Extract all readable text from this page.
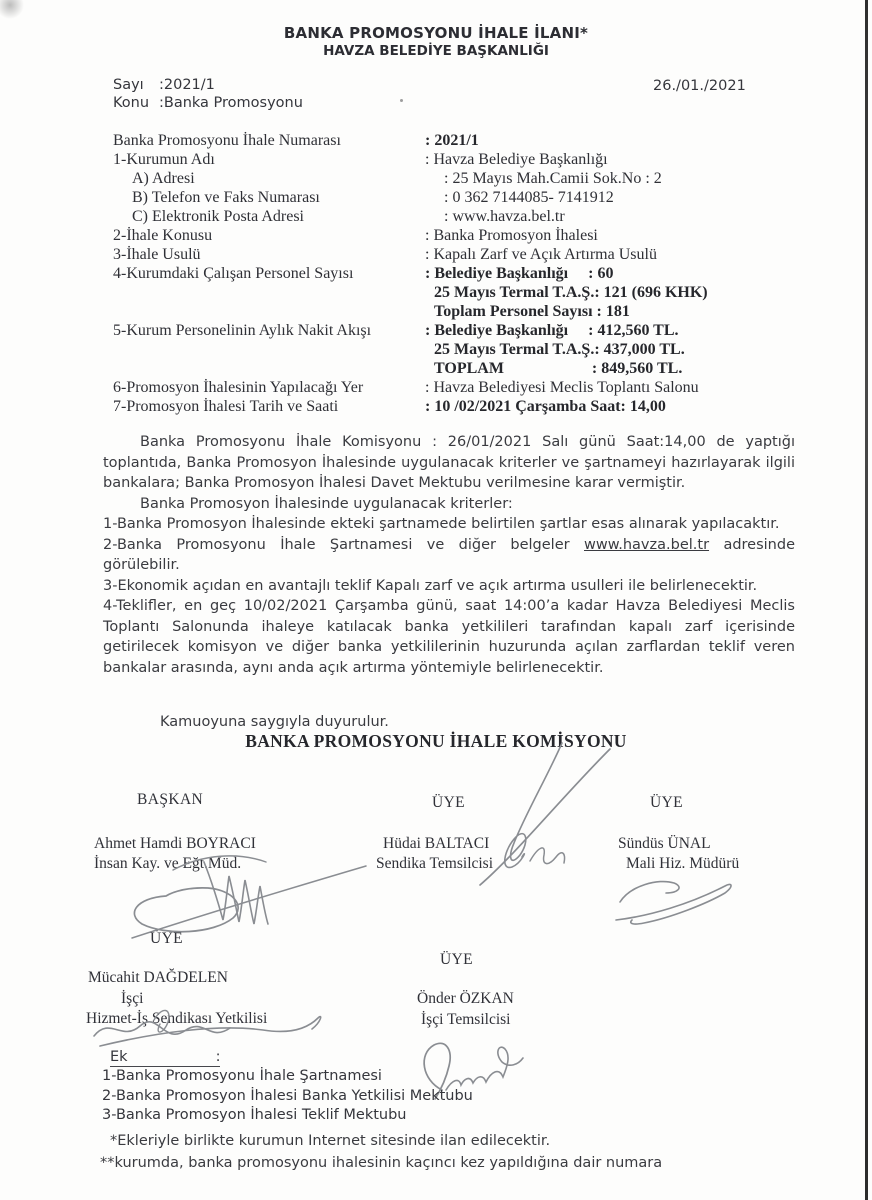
BANKA PROMOSYONU İHALE İLANI*
HAVZA BELEDİYE BAŞKANLIĞI
Sayı	:2021/1
Konu :Banka Promosyonu
26./01./2021
Banka Promosyonu İhale Numarası	: 2021/1
1-Kurumun Adı	: Havza Belediye Başkanlığı
A) Adresi	: 25 Mayıs Mah.Camii Sok.No : 2
B) Telefon ve Faks Numarası	: 0 362 7144085- 7141912
C) Elektronik Posta Adresi	: www.havza.bel.tr
2-İhale Konusu	: Banka Promosyon İhalesi
3-İhale Usulü	: Kapalı Zarf ve Açık Artırma Usulü
4-Kurumdaki Çalışan Personel Sayısı	: Belediye Başkanlığı     : 60
25 Mayıs Termal T.A.Ş.: 121 (696 KHK)
Toplam Personel Sayısı : 181
5-Kurum Personelinin Aylık Nakit Akışı	: Belediye Başkanlığı     : 412,560 TL.
25 Mayıs Termal T.A.Ş.: 437,000 TL.
TOPLAM                      : 849,560 TL.
6-Promosyon İhalesinin Yapılacağı Yer	: Havza Belediyesi Meclis Toplantı Salonu
7-Promosyon İhalesi Tarih ve Saati	: 10 /02/2021 Çarşamba Saat: 14,00

Banka Promosyonu İhale Komisyonu : 26/01/2021 Salı günü Saat:14,00 de yaptığı toplantıda, Banka Promosyon İhalesinde uygulanacak kriterler ve şartnameyi hazırlayarak ilgili bankalara; Banka Promosyon İhalesi Davet Mektubu verilmesine karar vermiştir.

Banka Promosyon İhalesinde uygulanacak kriterler:

1-Banka Promosyon İhalesinde ekteki şartnamede belirtilen şartlar esas alınarak yapılacaktır.

2-Banka Promosyonu İhale Şartnamesi ve diğer belgeler www.havza.bel.tr adresinde görülebilir.

3-Ekonomik açıdan en avantajlı teklif Kapalı zarf ve açık artırma usulleri ile belirlenecektir.

4-Teklifler, en geç 10/02/2021 Çarşamba günü, saat 14:00’a kadar Havza Belediyesi Meclis Toplantı Salonunda ihaleye katılacak banka yetkilileri tarafından kapalı zarf içerisinde getirilecek komisyon ve diğer banka yetkililerinin huzurunda açılan zarflardan teklif veren bankalar arasında, aynı anda açık artırma yöntemiyle belirlenecektir.

Kamuoyuna saygıyla duyurulur.
BANKA PROMOSYONU İHALE KOMİSYONU
BAŞKAN	ÜYE	ÜYE
Ahmet Hamdi BOYRACI
İnsan Kay. ve Eğt.Müd.
Hüdai BALTACI
Sendika Temsilcisi
Sündüs ÜNAL
Mali Hiz. Müdürü
ÜYE
ÜYE
Mücahit DAĞDELEN
İşçi
Hizmet-İş Sendikası Yetkilisi
Önder ÖZKAN
İşçi Temsilcisi
Ek	:
1-Banka Promosyonu İhale Şartnamesi
2-Banka Promosyon İhalesi Banka Yetkilisi Mektubu
3-Banka Promosyon İhalesi Teklif Mektubu
*Ekleriyle birlikte kurumun Internet sitesinde ilan edilecektir.
**kurumda, banka promosyonu ihalesinin kaçıncı kez yapıldığına dair numara
